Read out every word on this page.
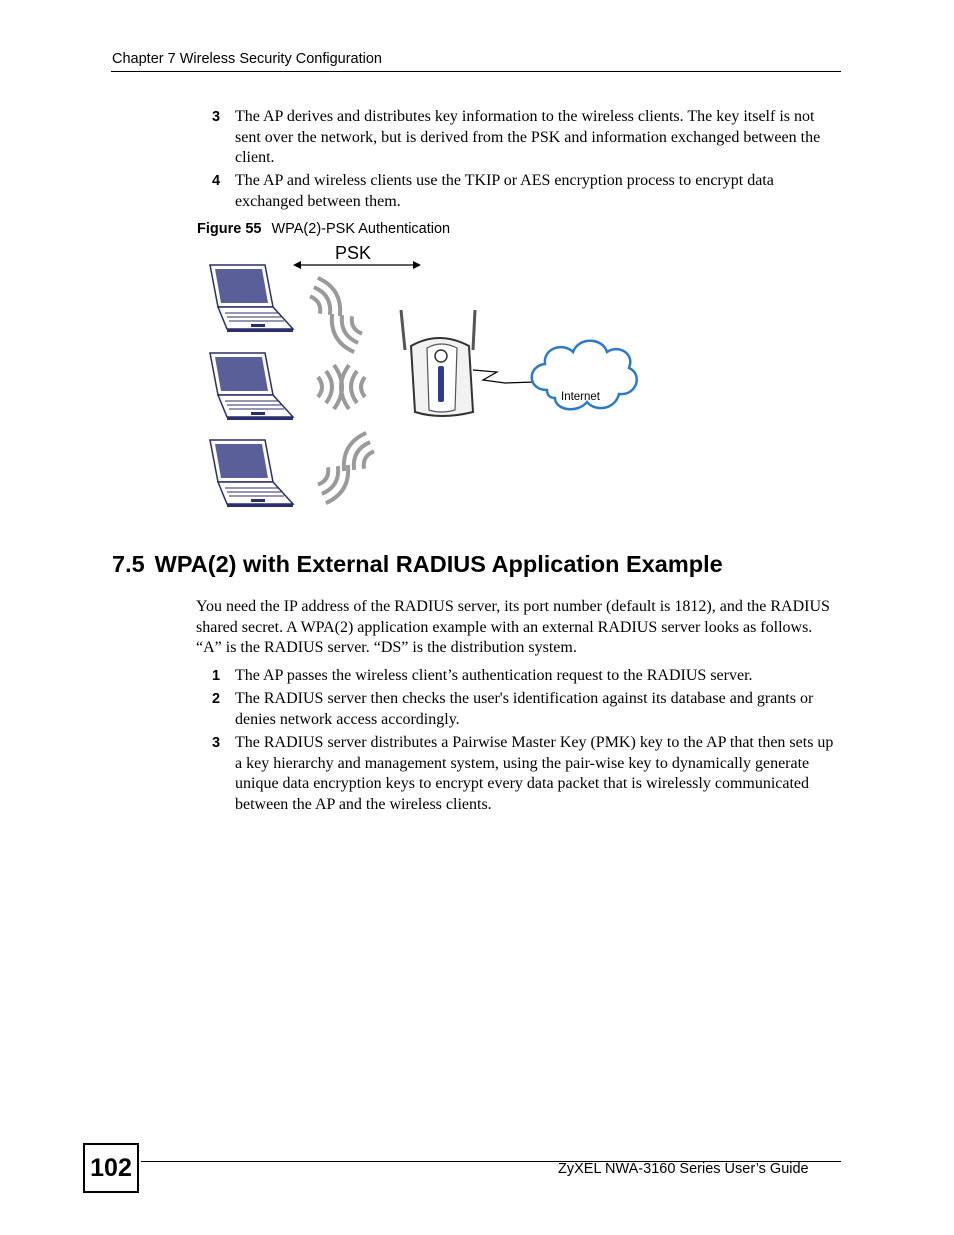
Chapter 7 Wireless Security Configuration
3 The AP derives and distributes key information to the wireless clients. The key itself is not sent over the network, but is derived from the PSK and information exchanged between the client.
4 The AP and wireless clients use the TKIP or AES encryption process to encrypt data exchanged between them.
Figure 55 WPA(2)-PSK Authentication
PSK
Internet
7.5 WPA(2) with External RADIUS Application Example
You need the IP address of the RADIUS server, its port number (default is 1812), and the RADIUS shared secret. A WPA(2) application example with an external RADIUS server looks as follows. “A” is the RADIUS server. “DS” is the distribution system.
1 The AP passes the wireless client’s authentication request to the RADIUS server.
2 The RADIUS server then checks the user's identification against its database and grants or denies network access accordingly.
3 The RADIUS server distributes a Pairwise Master Key (PMK) key to the AP that then sets up a key hierarchy and management system, using the pair-wise key to dynamically generate unique data encryption keys to encrypt every data packet that is wirelessly communicated between the AP and the wireless clients.
102	ZyXEL NWA-3160 Series User’s Guide
